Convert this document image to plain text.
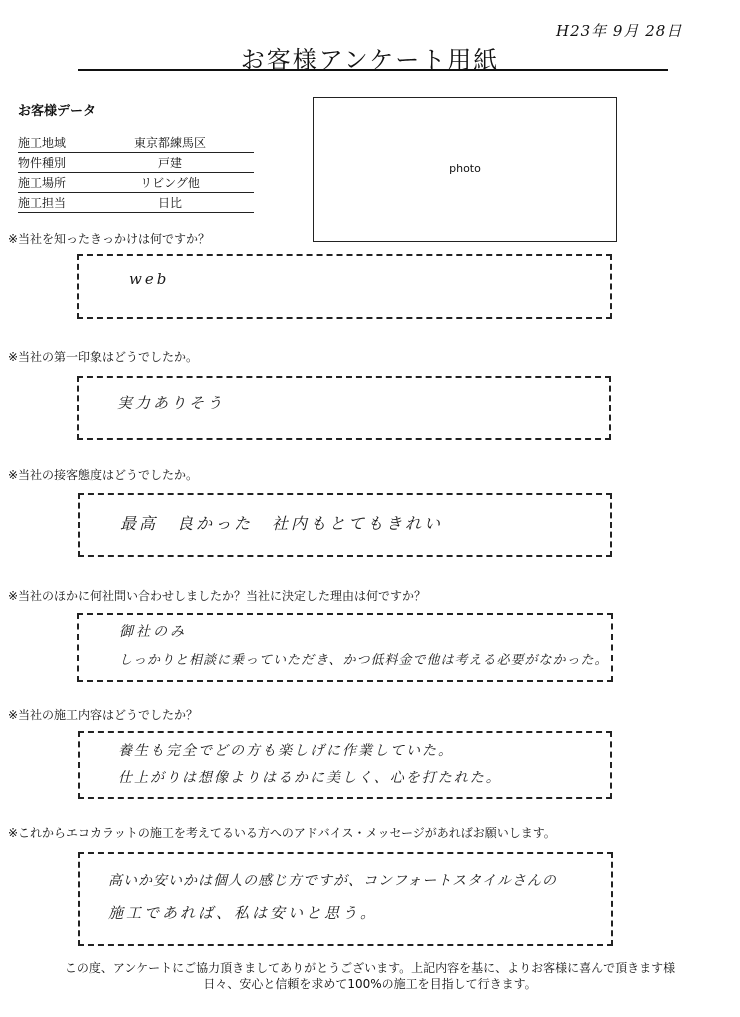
H23年 9月 28日
お客様アンケート用紙
お客様データ
施工地域	東京都練馬区
物件種別	戸建
施工場所	リビング他
施工担当	日比
photo
※当社を知ったきっかけは何ですか？
web
※当社の第一印象はどうでしたか。
実力ありそう
※当社の接客態度はどうでしたか。
最高　良かった　社内もとてもきれい
※当社のほかに何社問い合わせしましたか？当社に決定した理由は何ですか？
御社のみ
しっかりと相談に乗っていただき、かつ低料金で他は考える必要がなかった。
※当社の施工内容はどうでしたか？
養生も完全でどの方も楽しげに作業していた。
仕上がりは想像よりはるかに美しく、心を打たれた。
※これからエコカラットの施工を考えてるいる方へのアドバイス・メッセージがあればお願いします。
高いか安いかは個人の感じ方ですが、コンフォートスタイルさんの
施工であれば、私は安いと思う。
この度、アンケートにご協力頂きましてありがとうございます。上記内容を基に、よりお客様に喜んで頂きます様
日々、安心と信頼を求めて100%の施工を目指して行きます。
